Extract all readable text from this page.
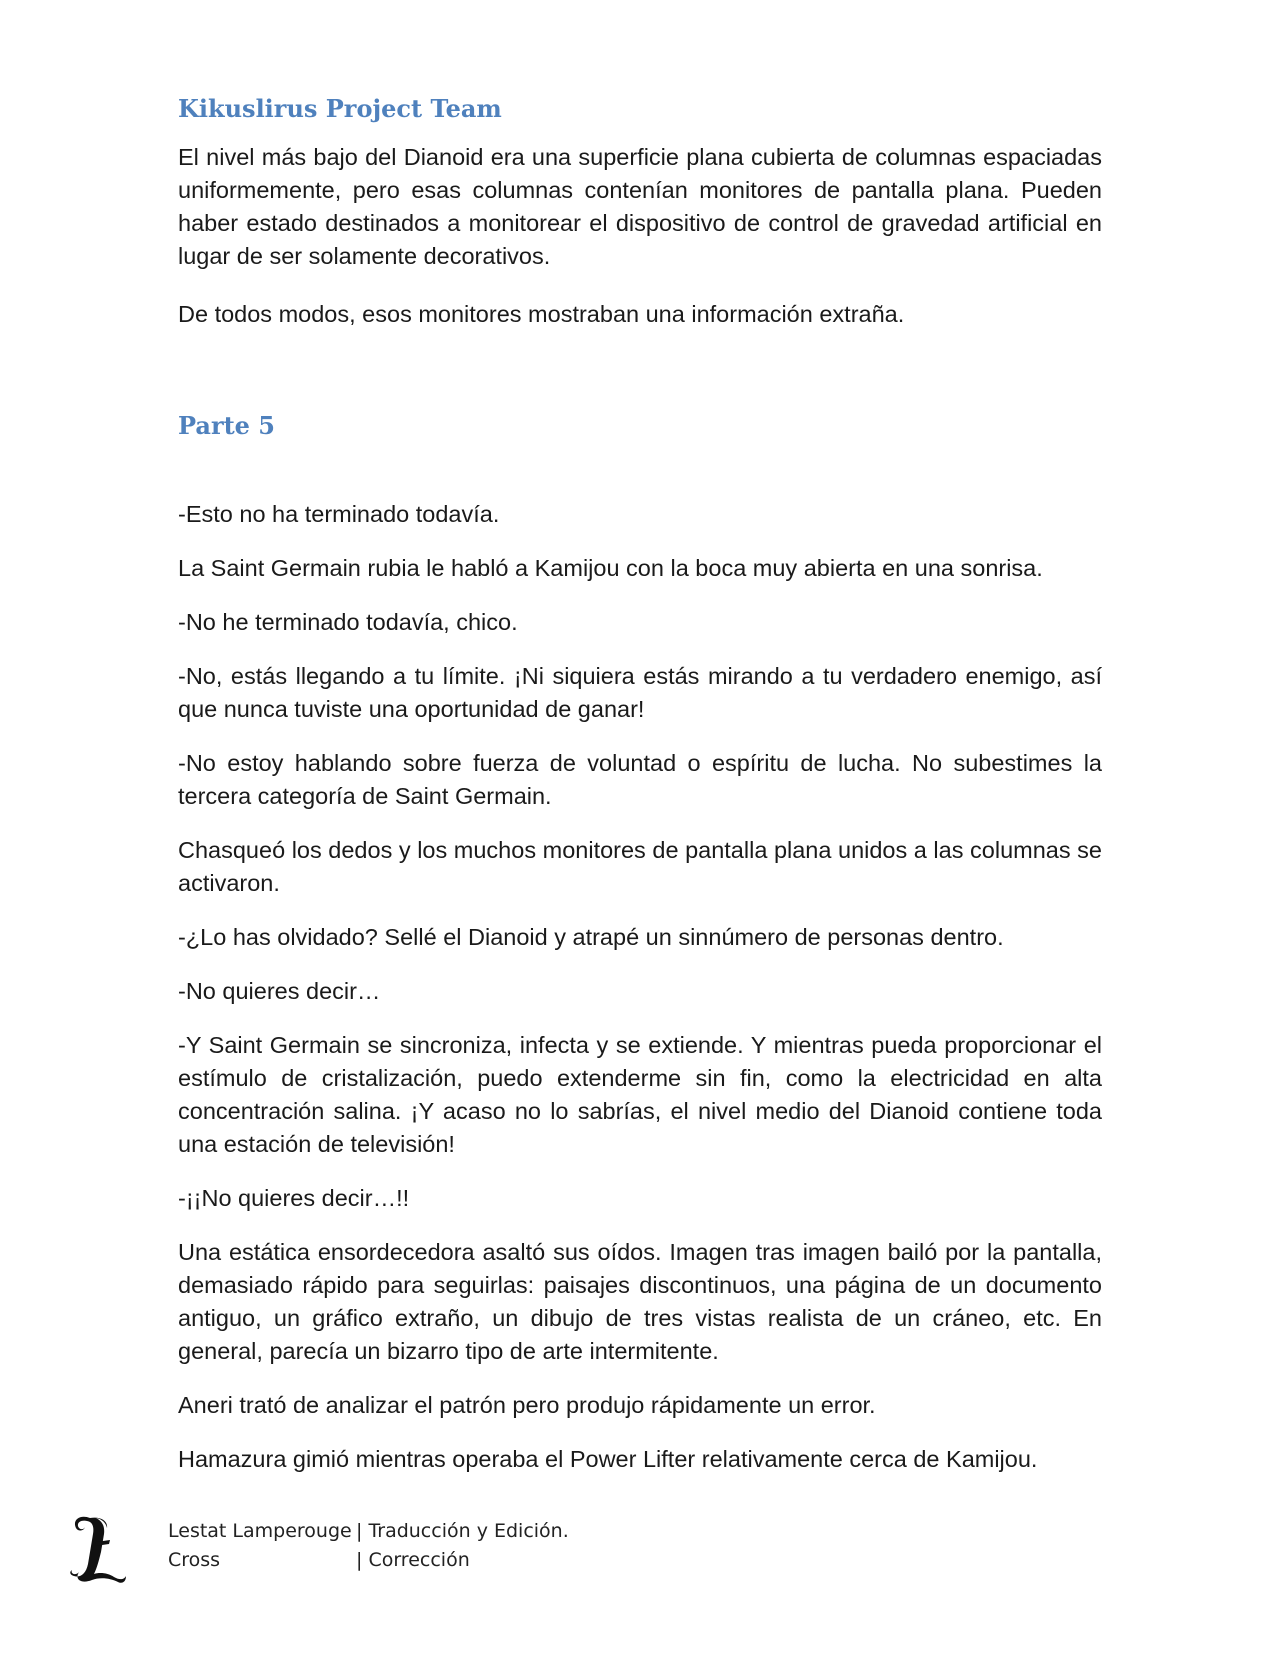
Kikuslirus Project Team

El nivel más bajo del Dianoid era una superficie plana cubierta de columnas espaciadas uniformemente, pero esas columnas contenían monitores de pantalla plana. Pueden haber estado destinados a monitorear el dispositivo de control de gravedad artificial en lugar de ser solamente decorativos.

De todos modos, esos monitores mostraban una información extraña.

Parte 5

-Esto no ha terminado todavía.

La Saint Germain rubia le habló a Kamijou con la boca muy abierta en una sonrisa.

-No he terminado todavía, chico.

-No, estás llegando a tu límite. ¡Ni siquiera estás mirando a tu verdadero enemigo, así que nunca tuviste una oportunidad de ganar!

-No estoy hablando sobre fuerza de voluntad o espíritu de lucha. No subestimes la tercera categoría de Saint Germain.

Chasqueó los dedos y los muchos monitores de pantalla plana unidos a las columnas se activaron.

-¿Lo has olvidado? Sellé el Dianoid y atrapé un sinnúmero de personas dentro.

-No quieres decir…

-Y Saint Germain se sincroniza, infecta y se extiende. Y mientras pueda proporcionar el estímulo de cristalización, puedo extenderme sin fin, como la electricidad en alta concentración salina. ¡Y acaso no lo sabrías, el nivel medio del Dianoid contiene toda una estación de televisión!

-¡¡No quieres decir…!!

Una estática ensordecedora asaltó sus oídos. Imagen tras imagen bailó por la pantalla, demasiado rápido para seguirlas: paisajes discontinuos, una página de un documento antiguo, un gráfico extraño, un dibujo de tres vistas realista de un cráneo, etc. En general, parecía un bizarro tipo de arte intermitente.

Aneri trató de analizar el patrón pero produjo rápidamente un error.

Hamazura gimió mientras operaba el Power Lifter relativamente cerca de Kamijou.

Lestat Lamperouge | Traducción y Edición.
Cross	| Corrección
